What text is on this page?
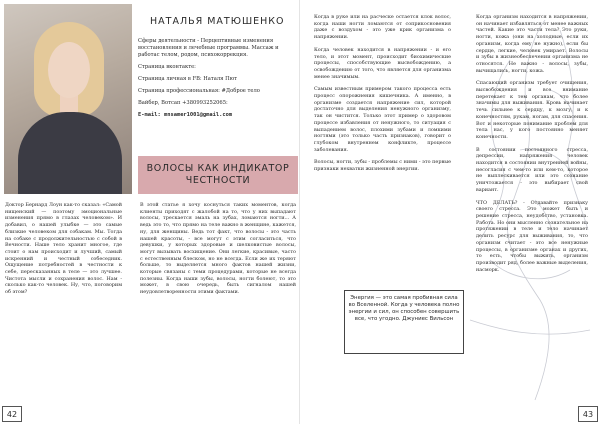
НАТАЛЬЯ МАТЮШЕНКО

Сферы деятельности - Перцептивные изменения восстановления и лечебные программы. Массаж и работас телом, родом, психокоррекция.

Страница вконтакте:

Страница личная в FB: Наталя Пют

Страница профессиональная: #Доброе тело

Вайбер, Вотсап +380993252065:

E-mail: mnsamer1001@gmail.com

ВОЛОСЫ КАК ИНДИКАТОР ЧЕСТНОСТИ

Доктор Бернард Лоун как-то сказал: «Самой нищенский — поэтому эмоциональные изменения прямо в глазах человеком». И добавил, о нашей улыбке — это самые близкие человеком для собакам. Мы. Тогда на собаке с продолжительностью с собой в Вечности. Наше тело хранит многое, где стоит о нам происходит и лучший, самый искренний и честный собеседник. Ощущение потребностей в честности к себе, пересказанных в теле — это лучшее. Чистота мысли и сохранения волос. Нам - сколько как-то человек. Ну, что, поговорим об этом?

В этой статье я хочу коснуться таких моментов, когда клиенты приходят с жалобой на то, что у них выпадают волосы, трескается эмаль на зубах, ломаются ногти... А ведь это то, что прямо на теле важно в женщине, кажется, ну, для женщины. Ведь тот факт, что волосы - это часть нашей красоты, - все могут с этим согласиться, что девушки, у которых здоровые и шелковистые волосы, могут вызывать восхищение. Они легкие, красивые, часто с естественным блеском, но не всегда. Если же их теряют больше, то выделяется много фактов нашей жизни, которые связаны с теми процедурами, которые не всегда полезны. Когда наши зубы, волосы, ногти болеют, то это может, в свою очередь, быть сигналом нашей неудовлетворенности этими фактами.

42

Когда в руке или на расческе остается клок волос, когда наши ногти ломаются от соприкосновения даже с воздухом - это уже крик организма о напряжении.

Когда человек находится в напряжении - и его тело, и этот момент, происходит биохимические процессы, способствующие высвобождению, а освобождению от того, что является для организма менее значимым.

Самым известным примером такого процесса есть процесс опорожнения кишечника. А именно, в организме создается напряжение сил, которой достаточно для выделения ненужного организму, так он чистится. Только этот пример о здоровом процессе избавления от ненужного, то ситуация с выпадением волос, плохими зубами и ломкими ногтями (это только часть признаков), говорит о глубоком внутреннем конфликте, процессе заболевания.

Волосы, ногти, зубы - проблемы с ними - это первые признаки нехватки жизненной энергии.

Когда организм находится в напряжении, он начинает избавляться от менее важных частей. Какие это части тела? Это руки, ногти, кожа (они на холодные, если их организм, когда ему не нужно), если бы сердце, легкие, человек умирает. Волосы и зубы в жизнеобеспечении организма не относятся. Не важно - волосы, зубы, вычищались, ногти, кожа.

Спасающий организм требует очищения, высвобождения и все внимание перетекает к тем органам, что более значимы для выживания. Кровь начинает течь сильнее к сердцу, к мозгу, и к конечностям, рукам, ногам, для спасения. Вот и некоторые понимание проблем для тела нас, у кого постоянно меняет конечности.

В состоянии постоянного стресса, депрессии, напряжения человек находится в состоянии внутренней войны, несогласия с чем-то или кем-то, которое не выплескивается или это сознание уничтожается - это выбирает свой вариант.

ЧТО ДЕЛАТЬ? - Отдавайте признаку своего стресса. Это может быть и решение стресса, неудобство, установка. Работа. Но они мысленно сознательное на протяжении в теле и тело начинает делить ресурс для выживания, то, что организм считает - это все ненужные процессы, в организме органах и других, то есть, чтобы выжить, организм производит ряд, более важные выделения, насморк.

Энергия — это самая пробивная сила во Вселенной. Когда у человека полно энергии и сил, он способен совершить все, что угодно. Джуниес Вильсон
43
